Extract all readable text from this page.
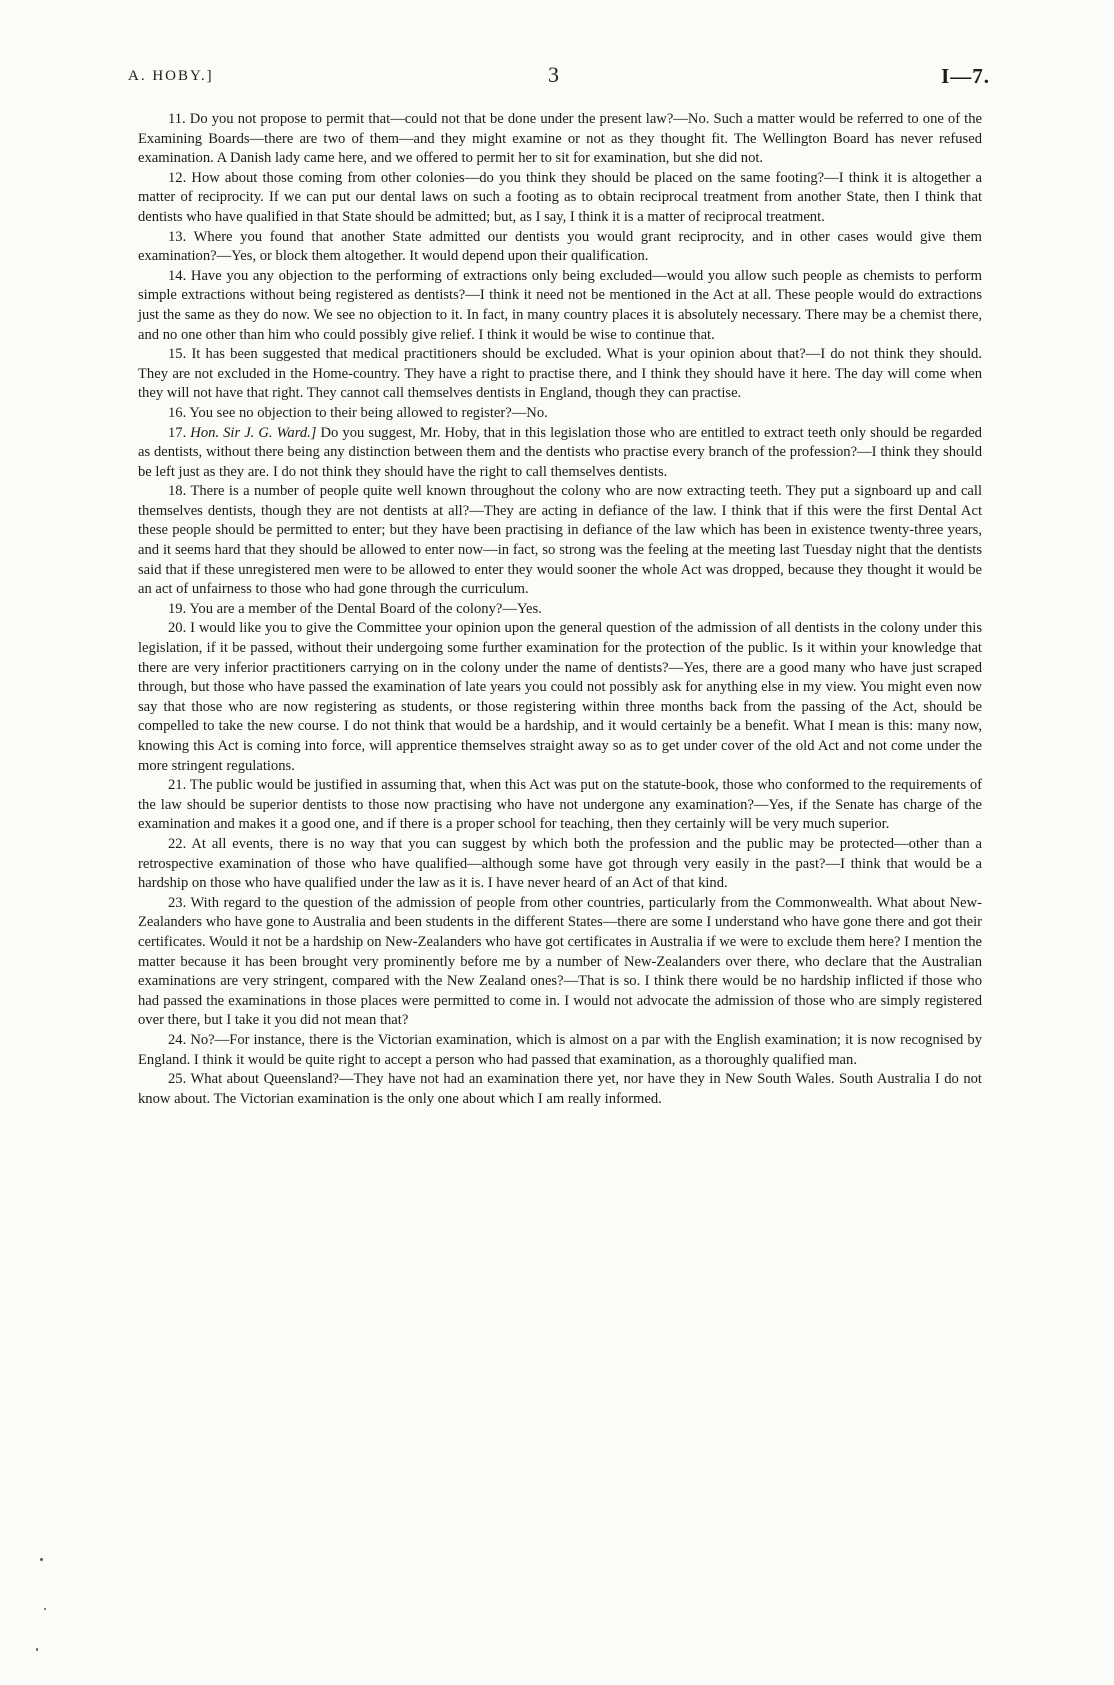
A. HOBY.]	3	I—7.

11. Do you not propose to permit that—could not that be done under the present law?—No. Such a matter would be referred to one of the Examining Boards—there are two of them—and they might examine or not as they thought fit. The Wellington Board has never refused examination. A Danish lady came here, and we offered to permit her to sit for examination, but she did not.

12. How about those coming from other colonies—do you think they should be placed on the same footing?—I think it is altogether a matter of reciprocity. If we can put our dental laws on such a footing as to obtain reciprocal treatment from another State, then I think that dentists who have qualified in that State should be admitted; but, as I say, I think it is a matter of reciprocal treatment.

13. Where you found that another State admitted our dentists you would grant reciprocity, and in other cases would give them examination?—Yes, or block them altogether. It would depend upon their qualification.

14. Have you any objection to the performing of extractions only being excluded—would you allow such people as chemists to perform simple extractions without being registered as dentists?—I think it need not be mentioned in the Act at all. These people would do extractions just the same as they do now. We see no objection to it. In fact, in many country places it is absolutely necessary. There may be a chemist there, and no one other than him who could possibly give relief. I think it would be wise to continue that.

15. It has been suggested that medical practitioners should be excluded. What is your opinion about that?—I do not think they should. They are not excluded in the Home-country. They have a right to practise there, and I think they should have it here. The day will come when they will not have that right. They cannot call themselves dentists in England, though they can practise.

16. You see no objection to their being allowed to register?—No.

17. Hon. Sir J. G. Ward.] Do you suggest, Mr. Hoby, that in this legislation those who are entitled to extract teeth only should be regarded as dentists, without there being any distinction between them and the dentists who practise every branch of the profession?—I think they should be left just as they are. I do not think they should have the right to call themselves dentists.

18. There is a number of people quite well known throughout the colony who are now extracting teeth. They put a signboard up and call themselves dentists, though they are not dentists at all?—They are acting in defiance of the law. I think that if this were the first Dental Act these people should be permitted to enter; but they have been practising in defiance of the law which has been in existence twenty-three years, and it seems hard that they should be allowed to enter now—in fact, so strong was the feeling at the meeting last Tuesday night that the dentists said that if these unregistered men were to be allowed to enter they would sooner the whole Act was dropped, because they thought it would be an act of unfairness to those who had gone through the curriculum.

19. You are a member of the Dental Board of the colony?—Yes.

20. I would like you to give the Committee your opinion upon the general question of the admission of all dentists in the colony under this legislation, if it be passed, without their undergoing some further examination for the protection of the public. Is it within your knowledge that there are very inferior practitioners carrying on in the colony under the name of dentists?—Yes, there are a good many who have just scraped through, but those who have passed the examination of late years you could not possibly ask for anything else in my view. You might even now say that those who are now registering as students, or those registering within three months back from the passing of the Act, should be compelled to take the new course. I do not think that would be a hardship, and it would certainly be a benefit. What I mean is this: many now, knowing this Act is coming into force, will apprentice themselves straight away so as to get under cover of the old Act and not come under the more stringent regulations.

21. The public would be justified in assuming that, when this Act was put on the statute-book, those who conformed to the requirements of the law should be superior dentists to those now practising who have not undergone any examination?—Yes, if the Senate has charge of the examination and makes it a good one, and if there is a proper school for teaching, then they certainly will be very much superior.

22. At all events, there is no way that you can suggest by which both the profession and the public may be protected—other than a retrospective examination of those who have qualified—although some have got through very easily in the past?—I think that would be a hardship on those who have qualified under the law as it is. I have never heard of an Act of that kind.

23. With regard to the question of the admission of people from other countries, particularly from the Commonwealth. What about New-Zealanders who have gone to Australia and been students in the different States—there are some I understand who have gone there and got their certificates. Would it not be a hardship on New-Zealanders who have got certificates in Australia if we were to exclude them here? I mention the matter because it has been brought very prominently before me by a number of New-Zealanders over there, who declare that the Australian examinations are very stringent, compared with the New Zealand ones?—That is so. I think there would be no hardship inflicted if those who had passed the examinations in those places were permitted to come in. I would not advocate the admission of those who are simply registered over there, but I take it you did not mean that?

24. No?—For instance, there is the Victorian examination, which is almost on a par with the English examination; it is now recognised by England. I think it would be quite right to accept a person who had passed that examination, as a thoroughly qualified man.

25. What about Queensland?—They have not had an examination there yet, nor have they in New South Wales. South Australia I do not know about. The Victorian examination is the only one about which I am really informed.
